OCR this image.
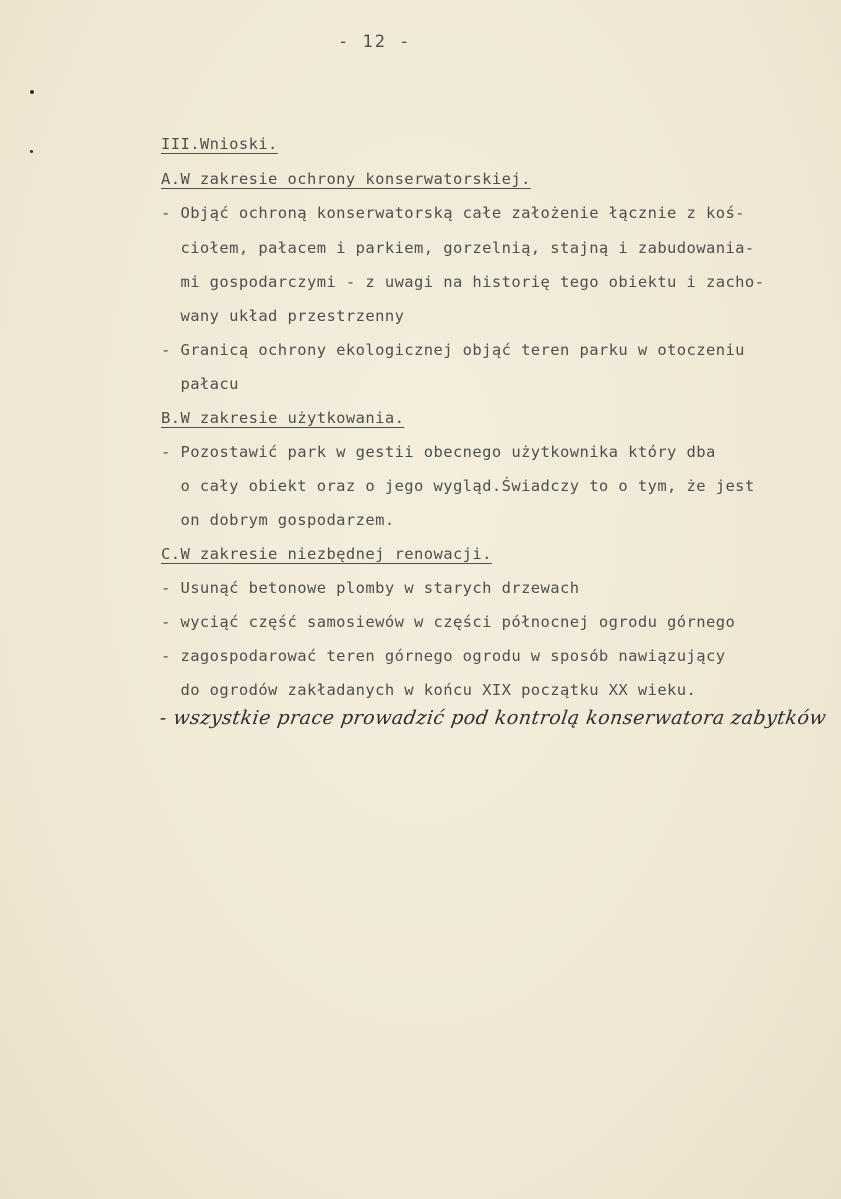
- 12 -
III.Wnioski.
A.W zakresie ochrony konserwatorskiej.
- Objąć ochroną konserwatorską całe założenie łącznie z koś-
ciołem, pałacem i parkiem, gorzelnią, stajną i zabudowania-
mi gospodarczymi - z uwagi na historię tego obiektu i zacho-
wany układ przestrzenny
- Granicą ochrony ekologicznej objąć teren parku w otoczeniu
pałacu
B.W zakresie użytkowania.
- Pozostawić park w gestii obecnego użytkownika który dba
o cały obiekt oraz o jego wygląd.Świadczy to o tym, że jest
on dobrym gospodarzem.
C.W zakresie niezbędnej renowacji.
- Usunąć betonowe plomby w starych drzewach
- wyciąć część samosiewów w części północnej ogrodu górnego
- zagospodarować teren górnego ogrodu w sposób nawiązujący
do ogrodów zakładanych w końcu XIX początku XX wieku.
- wszystkie prace prowadzić pod kontrolą konserwatora zabytków
